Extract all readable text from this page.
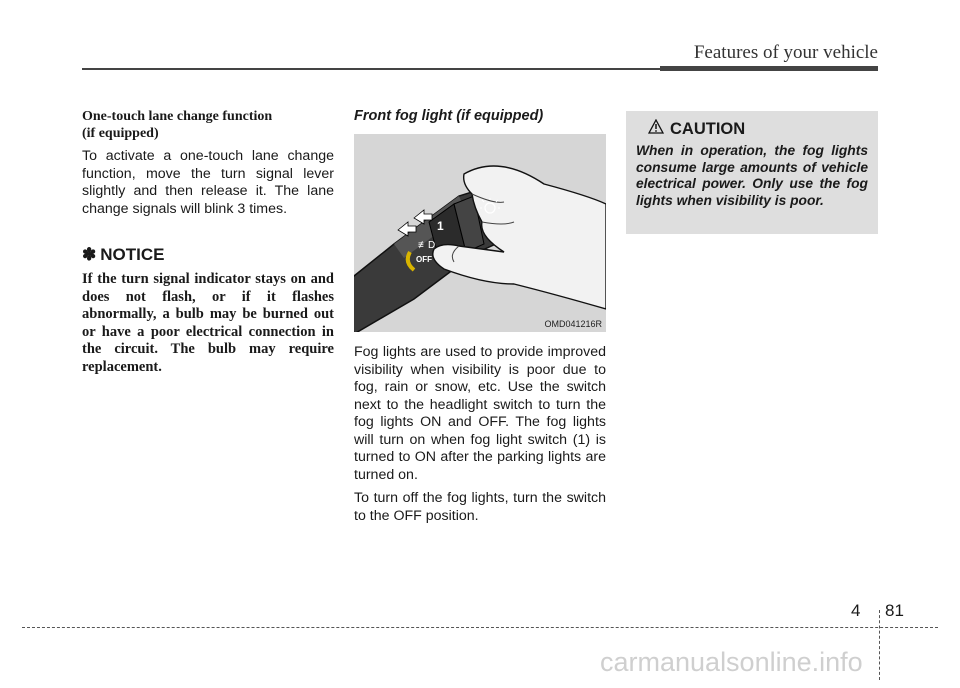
Features of your vehicle
One-touch lane change function
(if equipped)

To activate a one-touch lane change function, move the turn signal lever slightly and then release it. The lane change signals will blink 3 times.

✽ NOTICE

If the turn signal indicator stays on and does not flash, or if it flashes abnormally, a bulb may be burned out or have a poor electrical connection in the circuit. The bulb may require replacement.

Front fog light (if equipped)
1
≢D
OFF
OMD041216R

Fog lights are used to provide improved visibility when visibility is poor due to fog, rain or snow, etc. Use the switch next to the headlight switch to turn the fog lights ON and OFF. The fog lights will turn on when fog light switch (1) is turned to ON after the parking lights are turned on.

To turn off the fog lights, turn the switch to the OFF position.

CAUTION

When in operation, the fog lights consume large amounts of vehicle electrical power. Only use the fog lights when visibility is poor.

4 81
carmanualsonline.info
